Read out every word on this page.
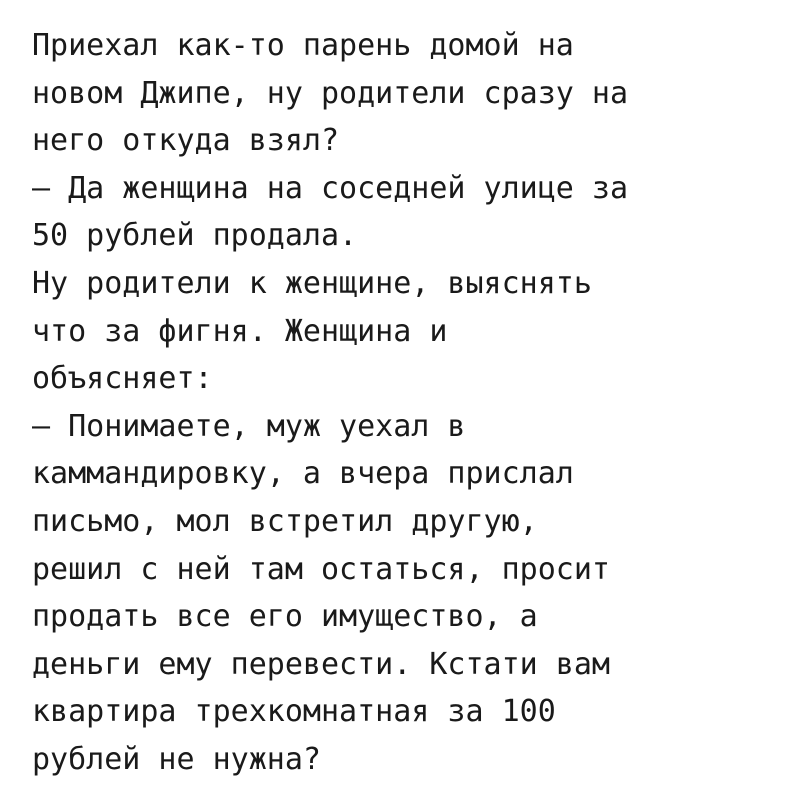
Приехал как-то парень домой на
новом Джипе, ну родители сразу на
него откуда взял?
— Да женщина на соседней улице за
50 рублей продала.
Ну родители к женщине, выяснять
что за фигня. Женщина и
объясняет:
— Понимаете, муж уехал в
каммандировку, а вчера прислал
письмо, мол встретил другую,
решил с ней там остаться, просит
продать все его имущество, а
деньги ему перевести. Кстати вам
квартира трехкомнатная за 100
рублей не нужна?
